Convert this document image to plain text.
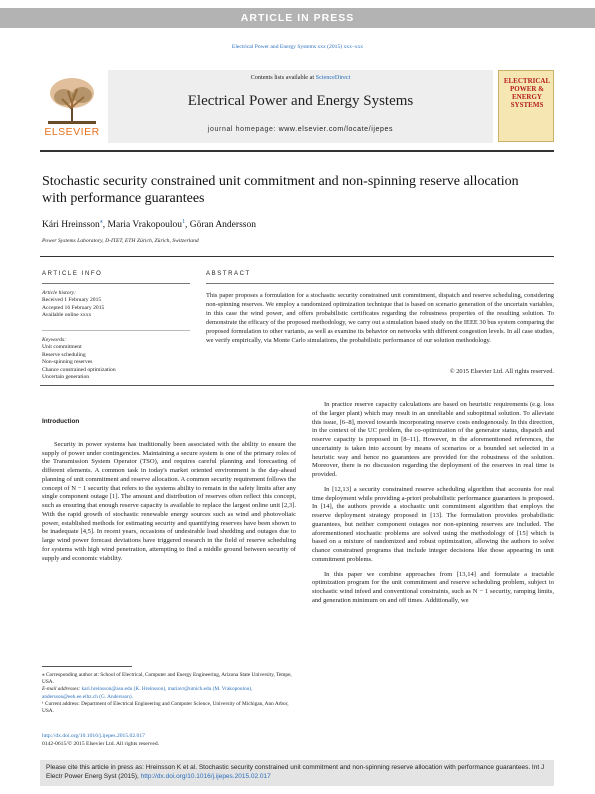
ARTICLE IN PRESS
Electrical Power and Energy Systems xxx (2015) xxx–xxx
ELSEVIER
Contents lists available at ScienceDirect
Electrical Power and Energy Systems
journal homepage: www.elsevier.com/locate/ijepes
ELECTRICAL POWER & ENERGY SYSTEMS
Stochastic security constrained unit commitment and non-spinning reserve allocation with performance guarantees
Kári Hreinsson⁎, Maria Vrakopoulou$^1$, Göran Andersson
Power Systems Laboratory, D-ITET, ETH Zürich, Zürich, Switzerland
ARTICLE INFO
Article history:
Received 1 February 2015
Accepted 16 February 2015
Available online xxxx
Keywords:
Unit commitment
Reserve scheduling
Non-spinning reserves
Chance constrained optimization
Uncertain generation
ABSTRACT
This paper proposes a formulation for a stochastic security constrained unit commitment, dispatch and reserve scheduling, considering non-spinning reserves. We employ a randomized optimization technique that is based on scenario generation of the uncertain variables, in this case the wind power, and offers probabilistic certificates regarding the robustness properties of the resulting solution. To demonstrate the efficacy of the proposed methodology, we carry out a simulation based study on the IEEE 30 bus system comparing the proposed formulation to other variants, as well as examine its behavior on networks with different congestion levels. In all case studies, we verify empirically, via Monte Carlo simulations, the probabilistic performance of our solution methodology.
© 2015 Elsevier Ltd. All rights reserved.
Introduction

Security in power systems has traditionally been associated with the ability to ensure the supply of power under contingencies. Maintaining a secure system is one of the primary roles of the Transmission System Operator (TSO), and requires careful planning and forecasting of different elements. A common task in today's market oriented environment is the day-ahead planning of unit commitment and reserve allocation. A common security requirement follows the concept of N − 1 security that refers to the systems ability to remain in the safety limits after any single component outage [1]. The amount and distribution of reserves often reflect this concept, such as ensuring that enough reserve capacity is available to replace the largest online unit [2,3]. With the rapid growth of stochastic renewable energy sources such as wind and photovoltaic power, established methods for estimating security and quantifying reserves have been shown to be inadequate [4,5]. In recent years, occasions of undesirable load shedding and outages due to large wind power forecast deviations have triggered research in the field of reserve scheduling for systems with high wind penetration, attempting to find a middle ground between security of supply and economic viability.

In practice reserve capacity calculations are based on heuristic requirements (e.g. loss of the larger plant) which may result in an unreliable and suboptimal solution. To alleviate this issue, [6–8], moved towards incorporating reserve costs endogenously. In this direction, in the context of the UC problem, the co-optimization of the generator status, dispatch and reserve capacity is proposed in [8–11]. However, in the aforementioned references, the uncertainty is taken into account by means of scenarios or a bounded set selected in a heuristic way and hence no guarantees are provided for the robustness of the solution. Moreover, there is no discussion regarding the deployment of the reserves in real time is provided.

In [12,13] a security constrained reserve scheduling algorithm that accounts for real time deployment while providing a-priori probabilistic performance guarantees is proposed. In [14], the authors provide a stochastic unit commitment algorithm that employs the reserve deployment strategy proposed in [13]. The formulation provides probabilistic guarantees, but neither component outages nor non-spinning reserves are included. The aforementioned stochastic problems are solved using the methodology of [15] which is based on a mixture of randomized and robust optimization, allowing the authors to solve chance constrained programs that include integer decisions like those appearing in unit commitment problems.

In this paper we combine approaches from [13,14] and formulate a tractable optimization program for the unit commitment and reserve scheduling problem, subject to stochastic wind infeed and conventional constraints, such as N − 1 security, ramping limits, and generation minimum on and off times. Additionally, we

⁎ Corresponding author at: School of Electrical, Computer and Energy Engineering, Arizona State University, Tempe, USA.
E-mail addresses: kari.hreinsson@asu.edu (K. Hreinsson), mariavr@umich.edu (M. Vrakopoulou), andersson@eeh.ee.ethz.ch (G. Andersson).
¹ Current address: Department of Electrical Engineering and Computer Science, University of Michigan, Ann Arbor, USA.
http://dx.doi.org/10.1016/j.ijepes.2015.02.017
0142-0615/© 2015 Elsevier Ltd. All rights reserved.
Please cite this article in press as: Hreinsson K et al. Stochastic security constrained unit commitment and non-spinning reserve allocation with performance guarantees. Int J Electr Power Energ Syst (2015), http://dx.doi.org/10.1016/j.ijepes.2015.02.017
